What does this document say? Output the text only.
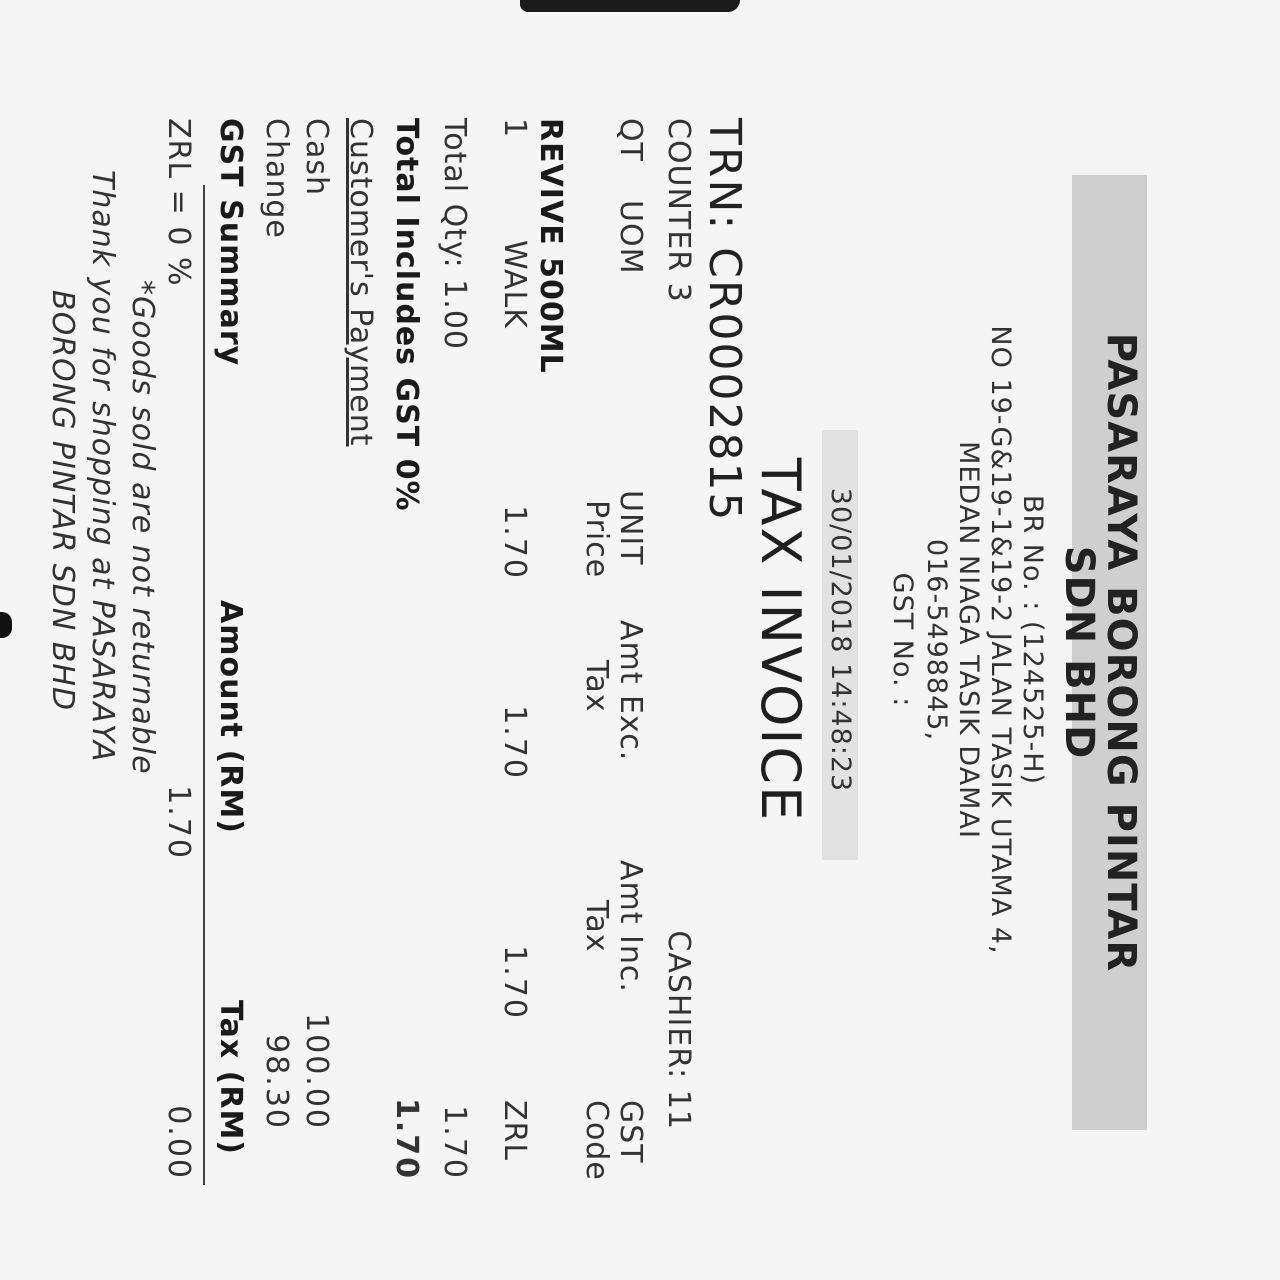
PASARAYA BORONG PINTAR
SDN BHD
BR No. : (124525-H)
NO 19-G&19-1&19-2 JALAN TASIK UTAMA 4,
MEDAN NIAGA TASIK DAMAI
016-5498845,
GST No. :
30/01/2018 14:48:23
TAX INVOICE
TRN: CR0002815
COUNTER 3
CASHIER: 11
QT
UOM
UNIT
Price
Amt Exc.
Tax
Amt Inc.
Tax
GST
Code
REVIVE 500ML
1
WALK
1.70
1.70
1.70
ZRL
Total Qty: 1.00
1.70
Total Includes GST 0%
1.70
Customer's Payment
Cash
100.00
Change
98.30
GST Summary
Amount (RM)
Tax (RM)
ZRL = 0 %
1.70
0.00
*Goods sold are not returnable
Thank you for shopping at PASARAYA
BORONG PINTAR SDN BHD
